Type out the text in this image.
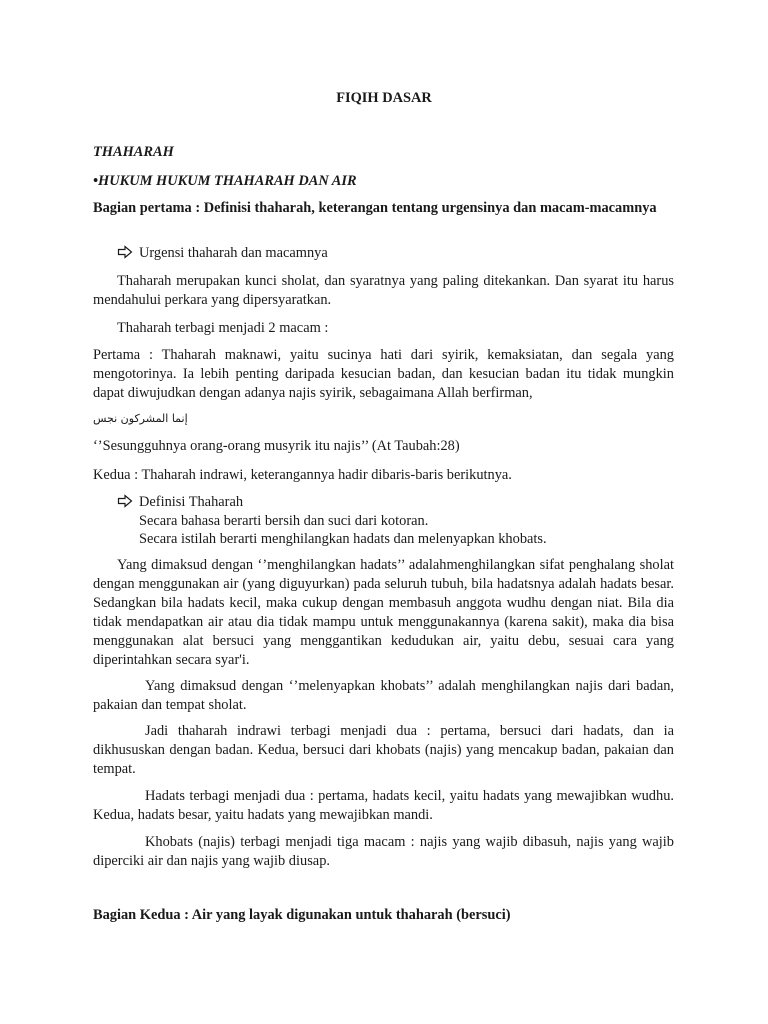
FIQIH DASAR

THAHARAH

•HUKUM HUKUM THAHARAH DAN AIR

Bagian pertama : Definisi thaharah, keterangan tentang urgensinya dan macam-macamnya

Urgensi thaharah dan macamnya

Thaharah merupakan kunci sholat, dan syaratnya yang paling ditekankan. Dan syarat itu harus mendahului perkara yang dipersyaratkan.

Thaharah terbagi menjadi 2 macam :

Pertama : Thaharah maknawi, yaitu sucinya hati dari syirik, kemaksiatan, dan segala yang mengotorinya. Ia lebih penting daripada kesucian badan, dan kesucian badan itu tidak mungkin dapat diwujudkan dengan adanya najis syirik, sebagaimana Allah berfirman,

إنما المشركون نجس

‘’Sesungguhnya orang-orang musyrik itu najis’’ (At Taubah:28)

Kedua : Thaharah indrawi, keterangannya hadir dibaris-baris berikutnya.

Definisi Thaharah
Secara bahasa berarti bersih dan suci dari kotoran.
Secara istilah berarti menghilangkan hadats dan melenyapkan khobats.

Yang dimaksud dengan ‘’menghilangkan hadats’’ adalahmenghilangkan sifat penghalang sholat dengan menggunakan air (yang diguyurkan) pada seluruh tubuh, bila hadatsnya adalah hadats besar. Sedangkan bila hadats kecil, maka cukup dengan membasuh anggota wudhu dengan niat. Bila dia tidak mendapatkan air atau dia tidak mampu untuk menggunakannya (karena sakit), maka dia bisa menggunakan alat bersuci yang menggantikan kedudukan air, yaitu debu, sesuai cara yang diperintahkan secara syar'i.

Yang dimaksud dengan ‘’melenyapkan khobats’’ adalah menghilangkan najis dari badan, pakaian dan tempat sholat.

Jadi thaharah indrawi terbagi menjadi dua : pertama, bersuci dari hadats, dan ia dikhususkan dengan badan. Kedua, bersuci dari khobats (najis) yang mencakup badan, pakaian dan tempat.

Hadats terbagi menjadi dua : pertama, hadats kecil, yaitu hadats yang mewajibkan wudhu. Kedua, hadats besar, yaitu hadats yang mewajibkan mandi.

Khobats (najis) terbagi menjadi tiga macam : najis yang wajib dibasuh, najis yang wajib diperciki air dan najis yang wajib diusap.

Bagian Kedua : Air yang layak digunakan untuk thaharah (bersuci)
